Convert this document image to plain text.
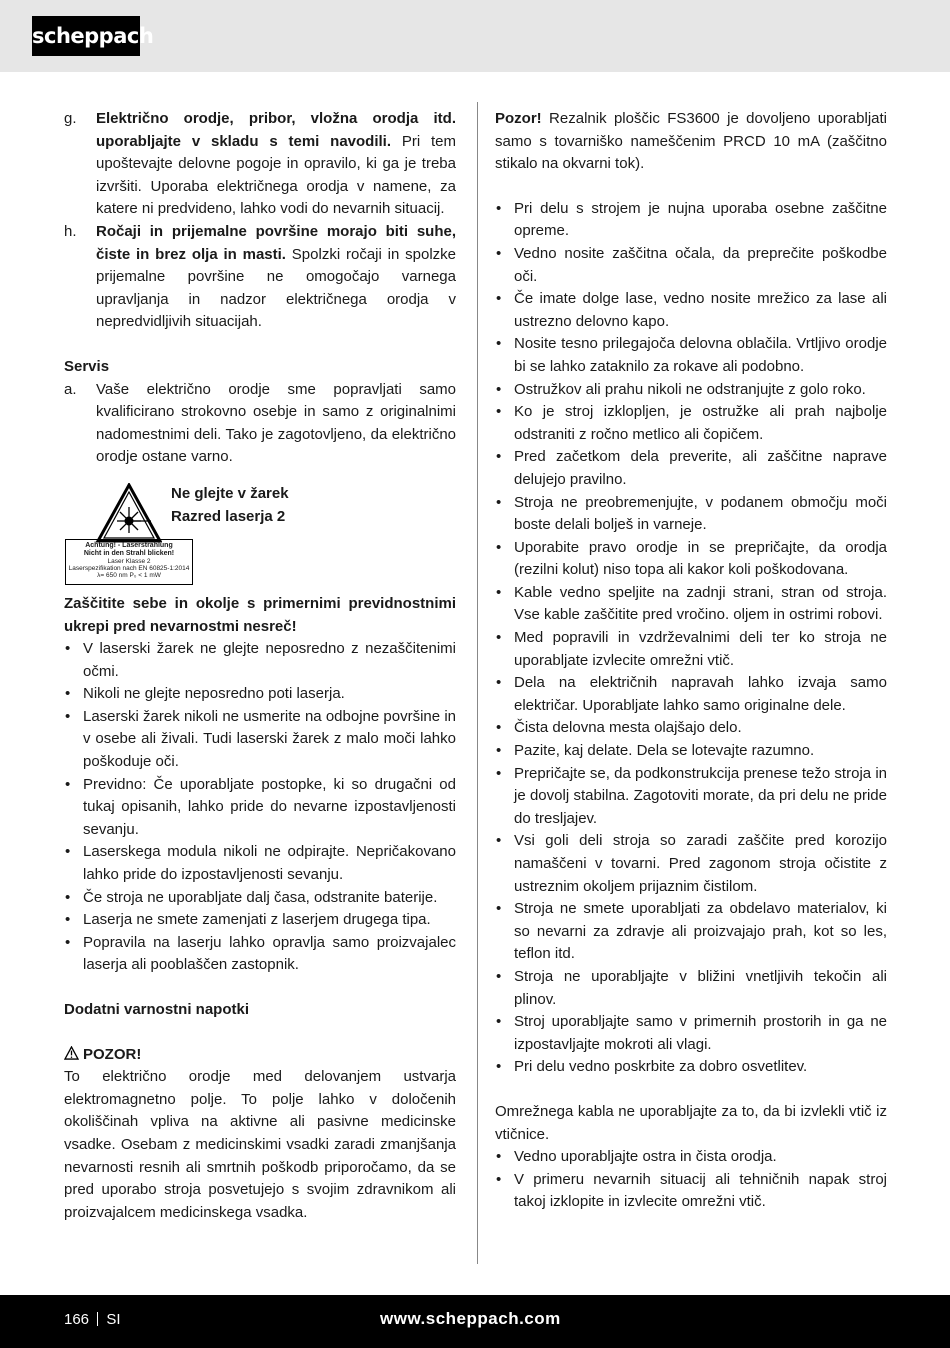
scheppach
g. Električno orodje, pribor, vložna orodja itd. uporabljajte v skladu s temi navodili. Pri tem upoštevajte delovne pogoje in opravilo, ki ga je treba izvršiti. Uporaba električnega orodja v namene, za katere ni predvideno, lahko vodi do nevarnih situacij.
h. Ročaji in prijemalne površine morajo biti suhe, čiste in brez olja in masti. Spolzki ročaji in spolzke prijemalne površine ne omogočajo varnega upravljanja in nadzor električnega orodja v nepredvidljivih situacijah.

Servis

a. Vaše električno orodje sme popravljati samo kvalificirano strokovno osebje in samo z originalnimi nadomestnimi deli. Tako je zagotovljeno, da električno orodje ostane varno.
Ne glejte v žarek
Razred laserja 2
Achtung! - Laserstrahlung
Nicht in den Strahl blicken!
Laser Klasse 2
Laserspezifikation nach EN 60825-1:2014
λ= 650 nm P₀ < 1 mW

Zaščitite sebe in okolje s primernimi previdnostnimi ukrepi pred nevarnostmi nesreč!

• V laserski žarek ne glejte neposredno z nezaščitenimi očmi.
• Nikoli ne glejte neposredno poti laserja.
• Laserski žarek nikoli ne usmerite na odbojne površine in v osebe ali živali. Tudi laserski žarek z malo moči lahko poškoduje oči.
• Previdno: Če uporabljate postopke, ki so drugačni od tukaj opisanih, lahko pride do nevarne izpostavljenosti sevanju.
• Laserskega modula nikoli ne odpirajte. Nepričakovano lahko pride do izpostavljenosti sevanju.
• Če stroja ne uporabljate dalj časa, odstranite baterije.
• Laserja ne smete zamenjati z laserjem drugega tipa.
• Popravila na laserju lahko opravlja samo proizvajalec laserja ali pooblaščen zastopnik.

Dodatni varnostni napotki

POZOR!

To električno orodje med delovanjem ustvarja elektromagnetno polje. To polje lahko v določenih okoliščinah vpliva na aktivne ali pasivne medicinske vsadke. Osebam z medicinskimi vsadki zaradi zmanjšanja nevarnosti resnih ali smrtnih poškodb priporočamo, da se pred uporabo stroja posvetujejo s svojim zdravnikom ali proizvajalcem medicinskega vsadka.

Pozor! Rezalnik ploščic FS3600 je dovoljeno uporabljati samo s tovarniško nameščenim PRCD 10 mA (zaščitno stikalo na okvarni tok).

• Pri delu s strojem je nujna uporaba osebne zaščitne opreme.
• Vedno nosite zaščitna očala, da preprečite poškodbe oči.
• Če imate dolge lase, vedno nosite mrežico za lase ali ustrezno delovno kapo.
• Nosite tesno prilegajoča delovna oblačila. Vrtljivo orodje bi se lahko zataknilo za rokave ali podobno.
• Ostružkov ali prahu nikoli ne odstranjujte z golo roko.
• Ko je stroj izklopljen, je ostružke ali prah najbolje odstraniti z ročno metlico ali čopičem.
• Pred začetkom dela preverite, ali zaščitne naprave delujejo pravilno.
• Stroja ne preobremenjujte, v podanem območju moči boste delali bolješ in varneje.
• Uporabite pravo orodje in se prepričajte, da orodja (rezilni kolut) niso topa ali kakor koli poškodovana.
• Kable vedno speljite na zadnji strani, stran od stroja. Vse kable zaščitite pred vročino. oljem in ostrimi robovi.
• Med popravili in vzdrževalnimi deli ter ko stroja ne uporabljate izvlecite omrežni vtič.
• Dela na električnih napravah lahko izvaja samo električar. Uporabljate lahko samo originalne dele.
• Čista delovna mesta olajšajo delo.
• Pazite, kaj delate. Dela se lotevajte razumno.
• Prepričajte se, da podkonstrukcija prenese težo stroja in je dovolj stabilna. Zagotoviti morate, da pri delu ne pride do tresljajev.
• Vsi goli deli stroja so zaradi zaščite pred korozijo namaščeni v tovarni. Pred zagonom stroja očistite z ustreznim okoljem prijaznim čistilom.
• Stroja ne smete uporabljati za obdelavo materialov, ki so nevarni za zdravje ali proizvajajo prah, kot so les, teflon itd.
• Stroja ne uporabljajte v bližini vnetljivih tekočin ali plinov.
• Stroj uporabljajte samo v primernih prostorih in ga ne izpostavljajte mokroti ali vlagi.
• Pri delu vedno poskrbite za dobro osvetlitev.

Omrežnega kabla ne uporabljajte za to, da bi izvlekli vtič iz vtičnice.

• Vedno uporabljajte ostra in čista orodja.
• V primeru nevarnih situacij ali tehničnih napak stroj takoj izklopite in izvlecite omrežni vtič.
166 SI	www.scheppach.com
